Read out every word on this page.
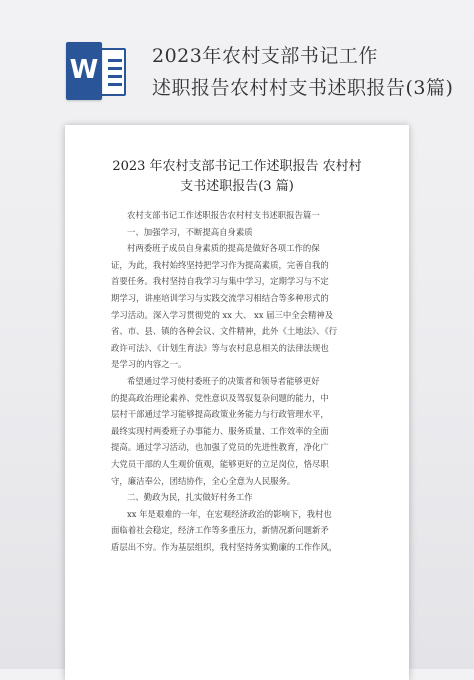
W	2023年农村支部书记工作
述职报告农村村支书述职报告(3篇)
2023 年农村支部书记工作述职报告 农村村
支书述职报告(3 篇)
农村支部书记工作述职报告农村村支书述职报告篇一
一、加强学习，不断提高自身素质
村两委班子成员自身素质的提高是做好各项工作的保
证，为此，我村始终坚持把学习作为提高素质，完善自我的
首要任务。我村坚持自我学习与集中学习，定期学习与不定
期学习，讲座培训学习与实践交流学习相结合等多种形式的
学习活动。深入学习贯彻党的 xx 大、 xx 届三中全会精神及
省、市、县、镇的各种会议、文件精神，此外《土地法》、《行
政许可法》、《计划生育法》等与农村息息相关的法律法规也
是学习的内容之一。
希望通过学习使村委班子的决策者和领导者能够更好
的提高政治理论素养、党性意识及驾驭复杂问题的能力，中
层村干部通过学习能够提高政策业务能力与行政管理水平，
最终实现村两委班子办事能力、服务质量、工作效率的全面
提高。通过学习活动，也加强了党员的先进性教育，净化广
大党员干部的人生观价值观，能够更好的立足岗位，恪尽职
守，廉洁奉公，团结协作，全心全意为人民服务。
二、勤政为民，扎实做好村务工作
xx 年是艰难的一年，在宏观经济政治的影响下，我村也
面临着社会稳定，经济工作等多重压力，新情况新问题新矛
盾层出不穷。作为基层组织，我村坚持务实勤廉的工作作风，
